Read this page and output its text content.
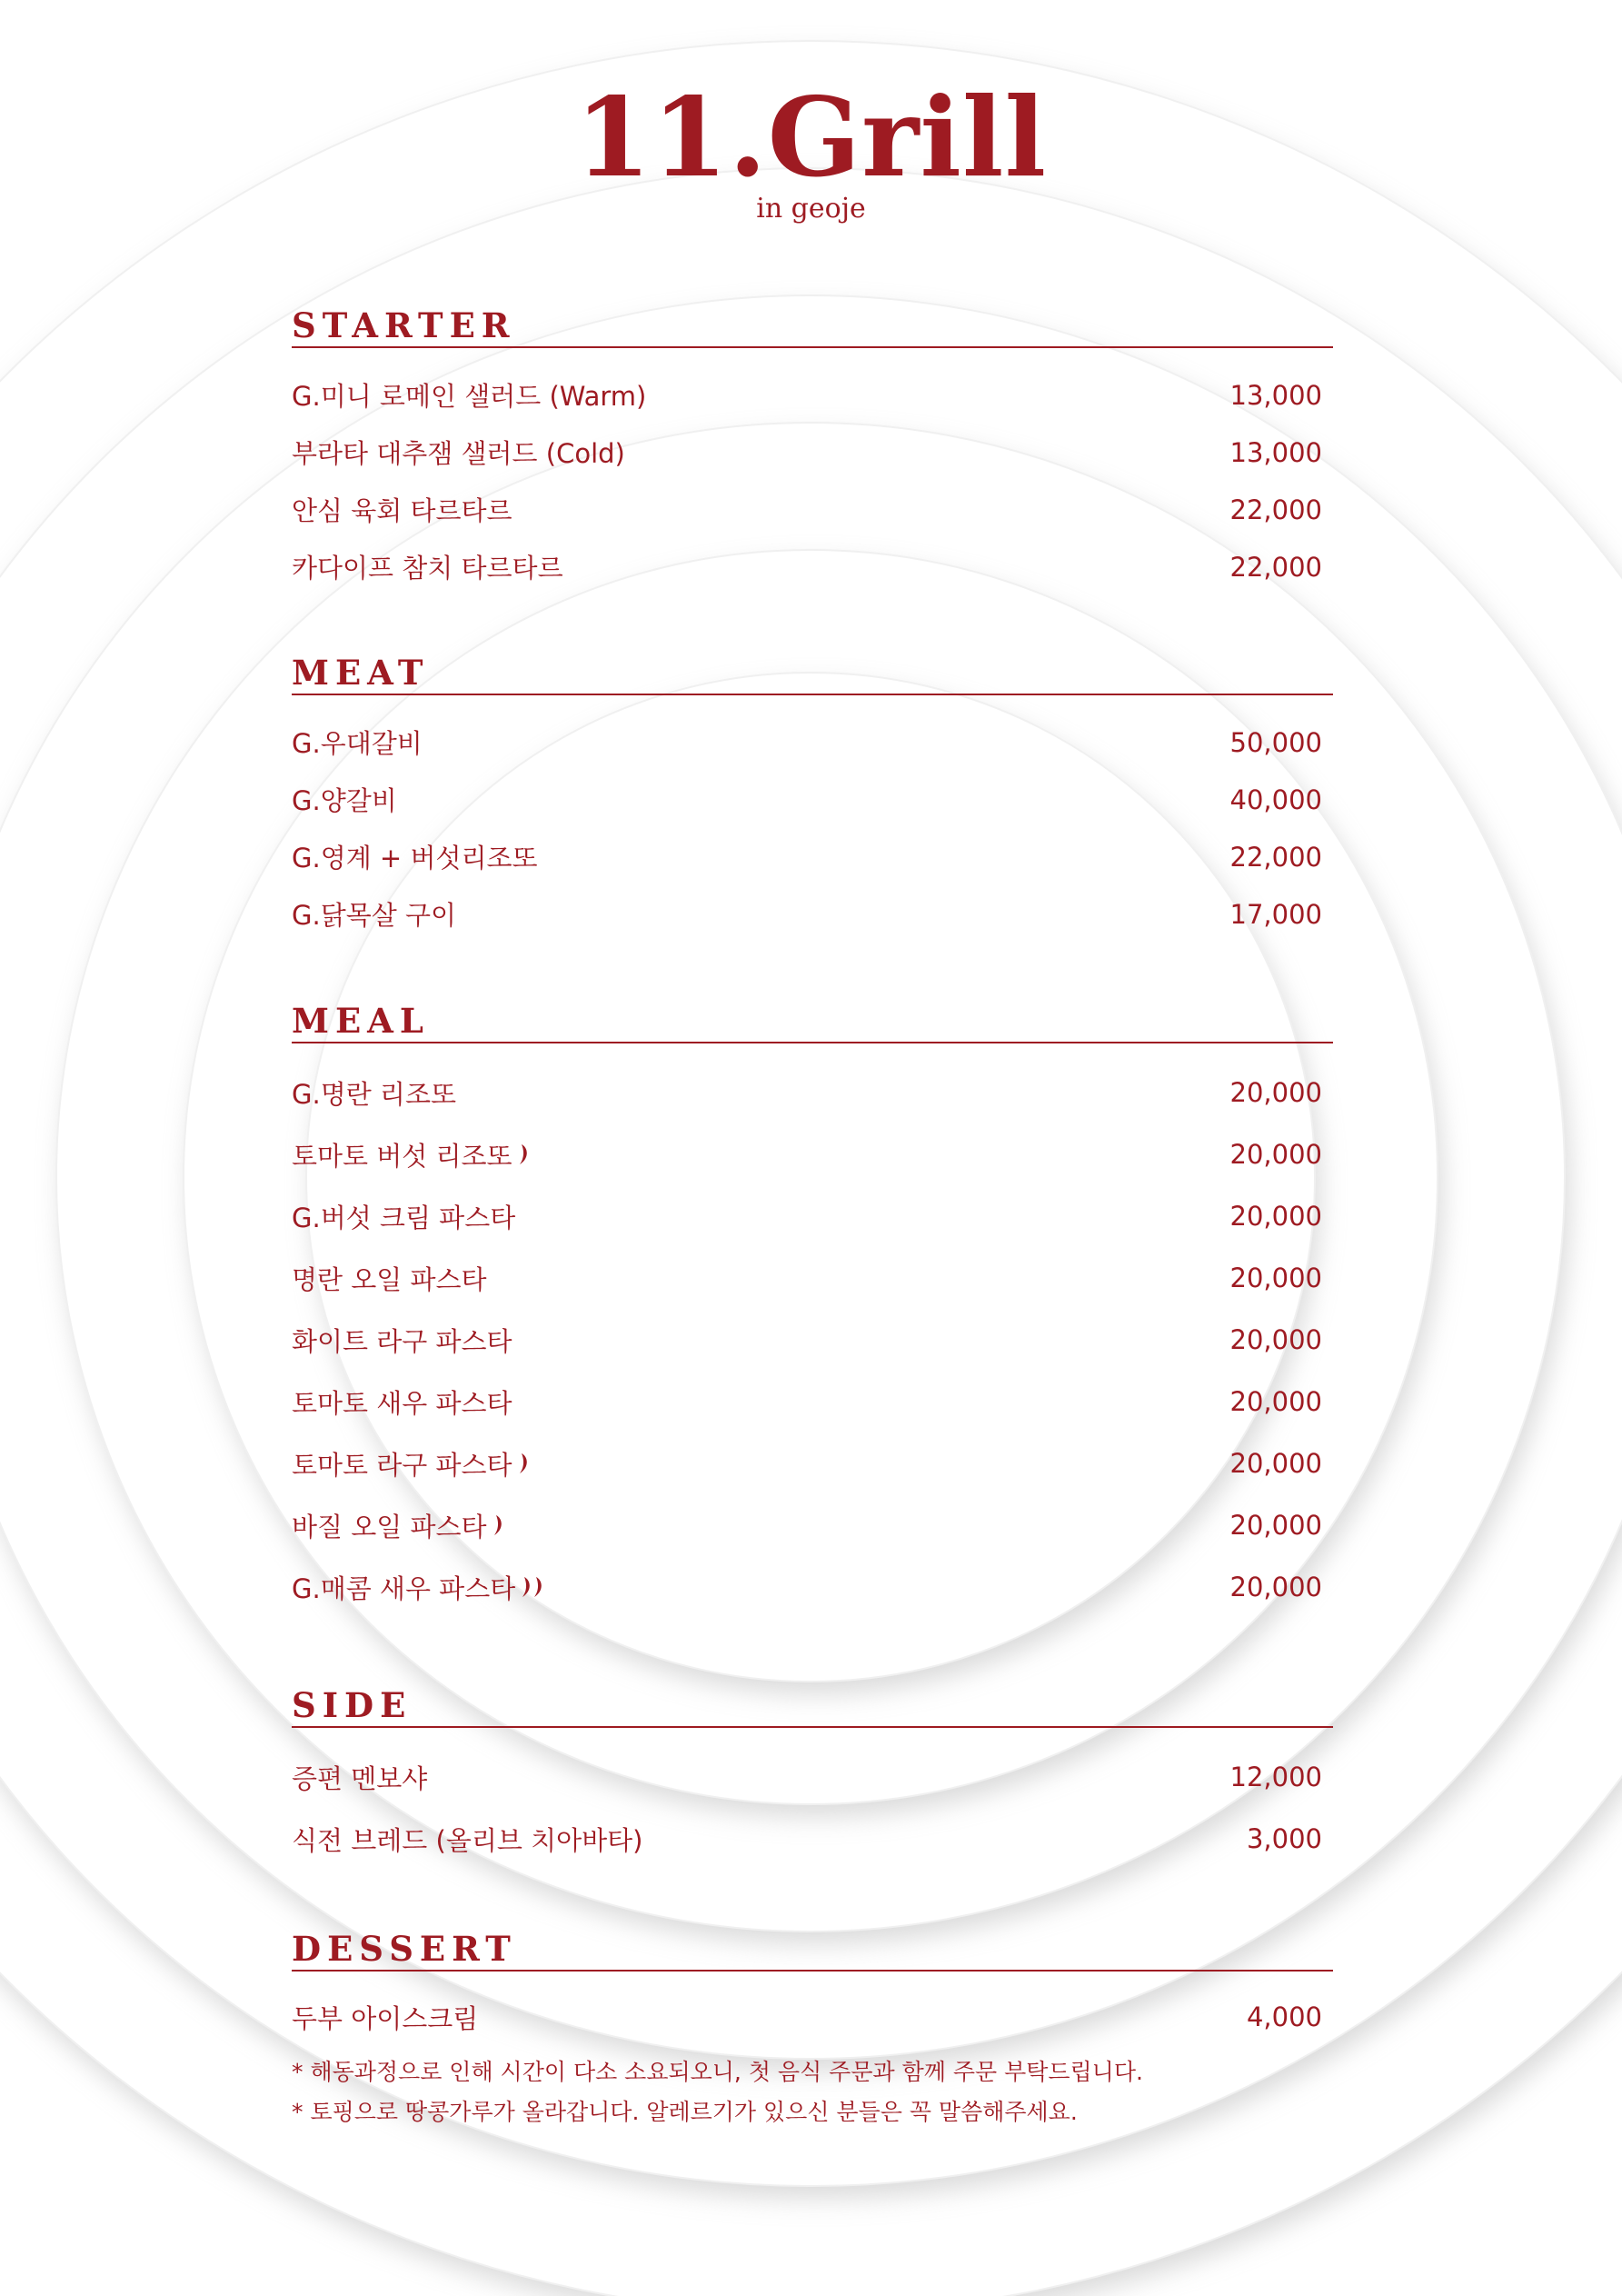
11.Grill
in geoje
STARTER
G.미니 로메인 샐러드 (Warm)	13,000
부라타 대추잼 샐러드 (Cold)	13,000
안심 육회 타르타르	22,000
카다이프 참치 타르타르	22,000
MEAT
G.우대갈비	50,000
G.양갈비	40,000
G.영계 + 버섯리조또	22,000
G.닭목살 구이	17,000
MEAL
G.명란 리조또	20,000
토마토 버섯 리조또	20,000
G.버섯 크림 파스타	20,000
명란 오일 파스타	20,000
화이트 라구 파스타	20,000
토마토 새우 파스타	20,000
토마토 라구 파스타	20,000
바질 오일 파스타	20,000
G.매콤 새우 파스타	20,000
SIDE
증편 멘보샤	12,000
식전 브레드 (올리브 치아바타)	3,000
DESSERT
두부 아이스크림	4,000
* 해동과정으로 인해 시간이 다소 소요되오니, 첫 음식 주문과 함께 주문 부탁드립니다.
* 토핑으로 땅콩가루가 올라갑니다. 알레르기가 있으신 분들은 꼭 말씀해주세요.
